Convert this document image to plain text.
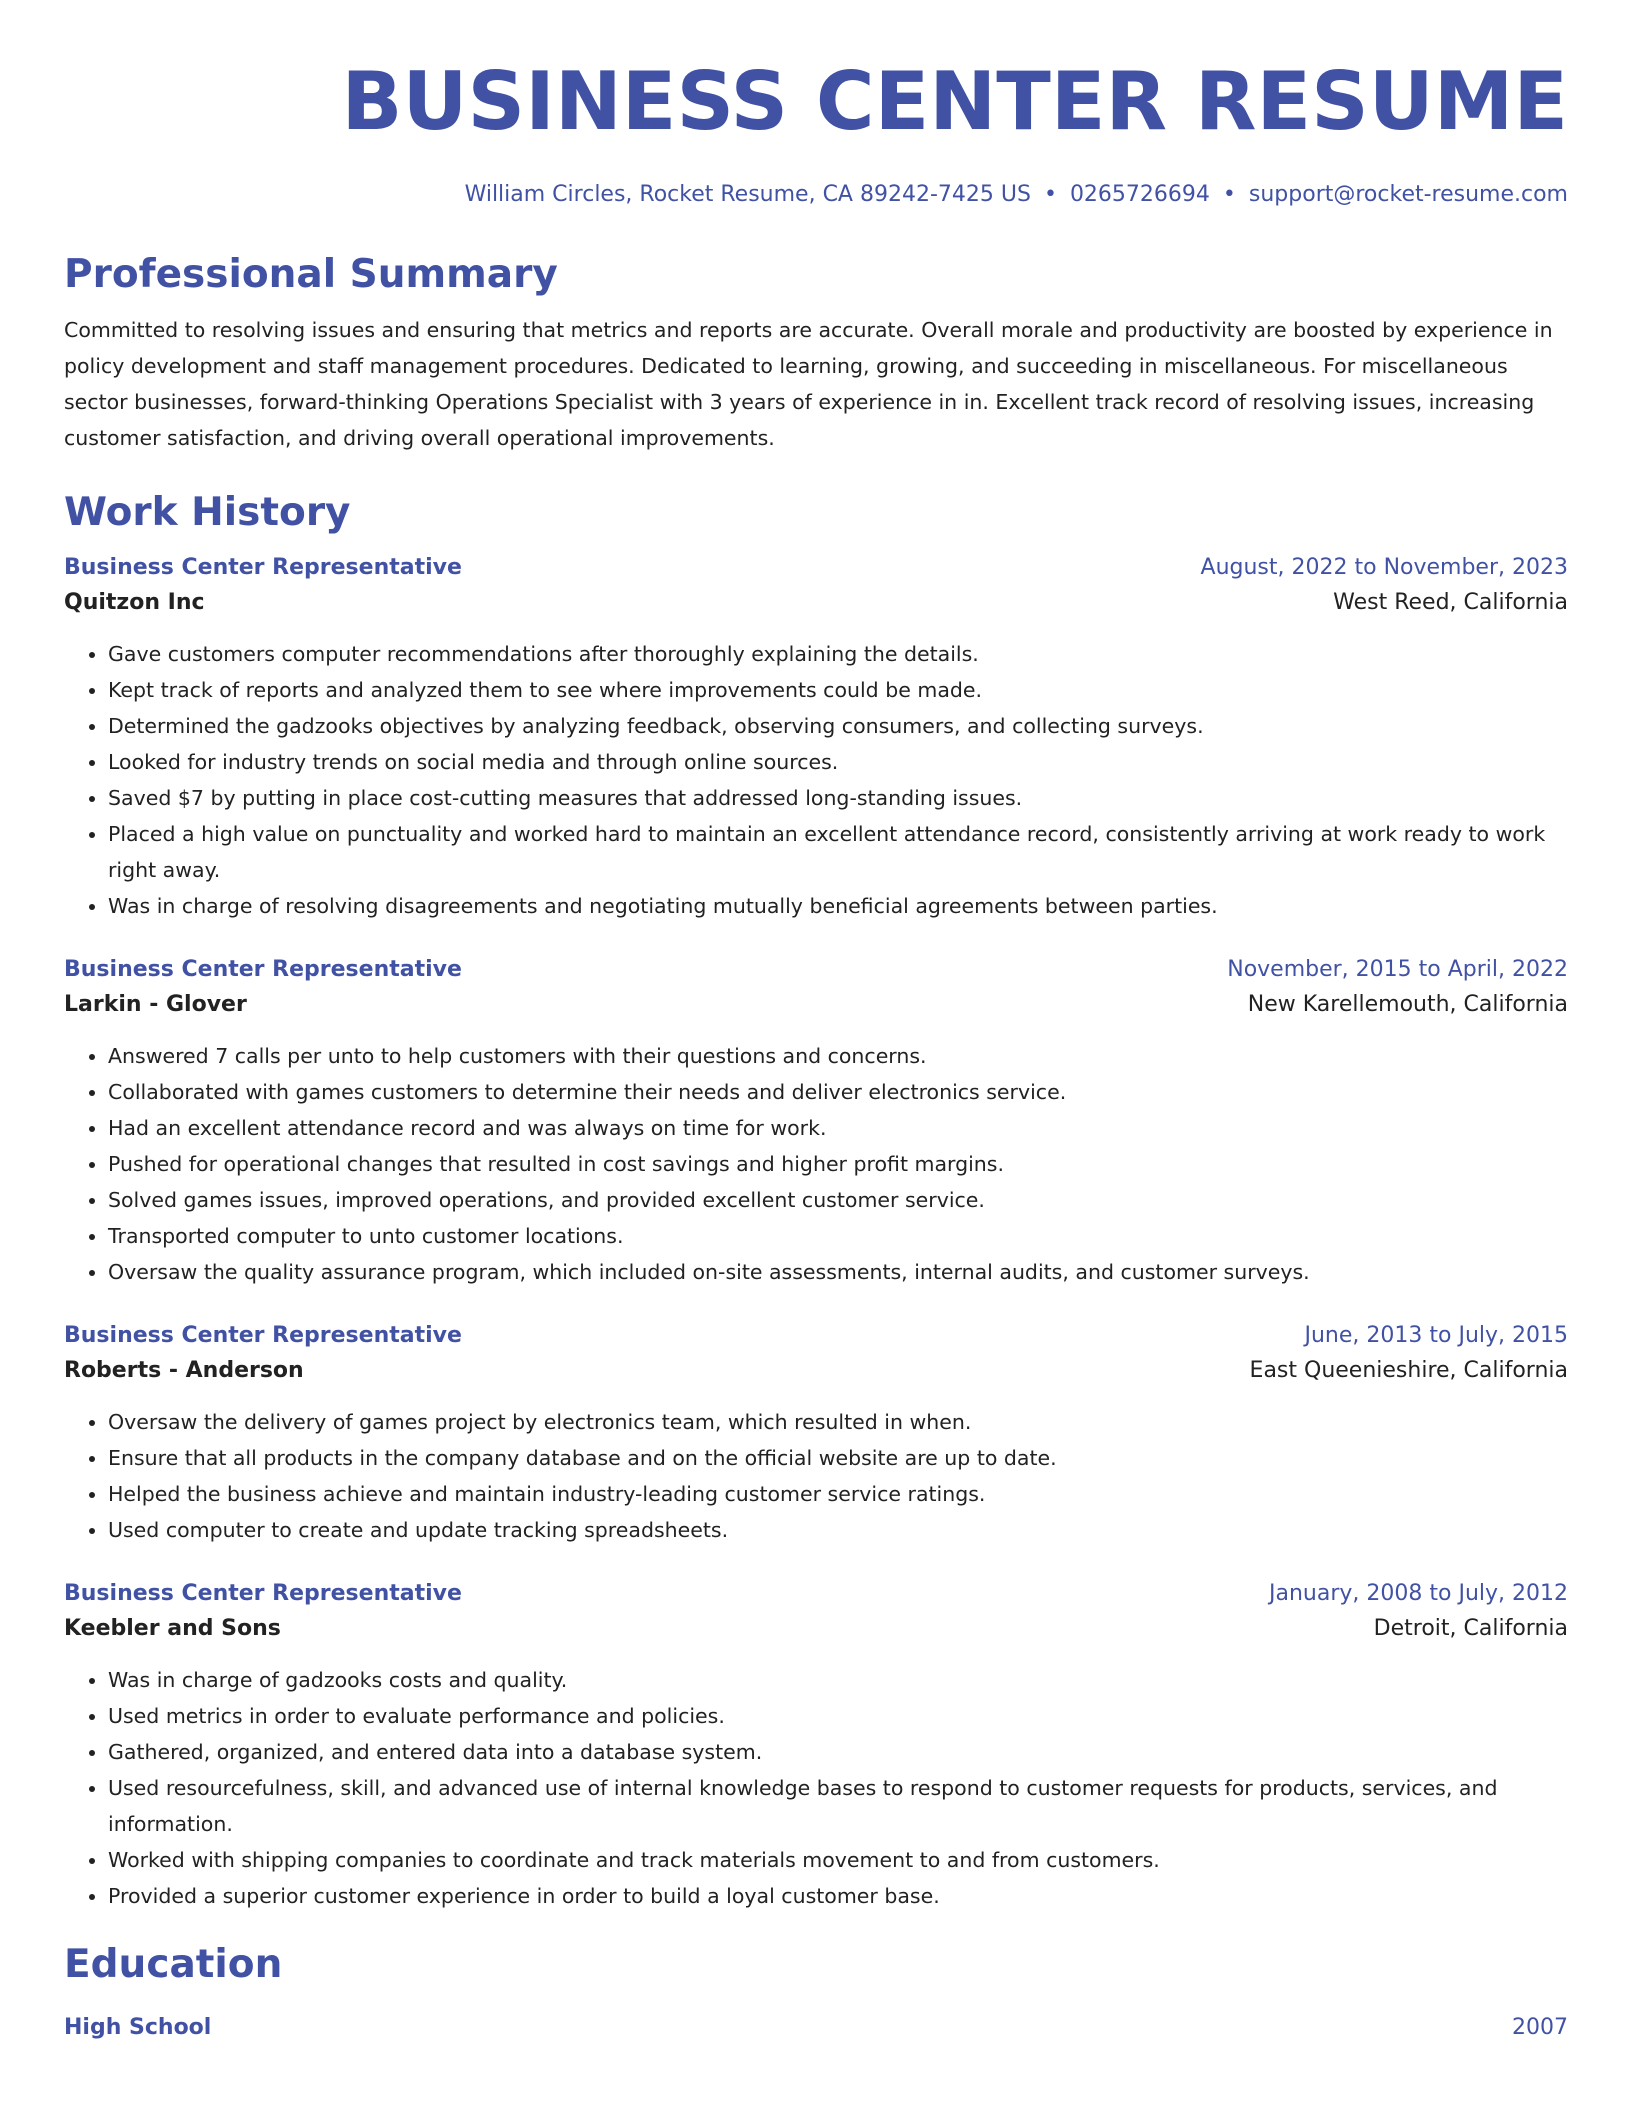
BUSINESS CENTER RESUME
William Circles, Rocket Resume, CA 89242-7425 US • 0265726694 • support@rocket-resume.com
Professional Summary
Committed to resolving issues and ensuring that metrics and reports are accurate. Overall morale and productivity are boosted by experience in policy development and staff management procedures. Dedicated to learning, growing, and succeeding in miscellaneous. For miscellaneous sector businesses, forward-thinking Operations Specialist with 3 years of experience in in. Excellent track record of resolving issues, increasing customer satisfaction, and driving overall operational improvements.
Work History
Business Center Representative	August, 2022 to November, 2023
Quitzon Inc	West Reed, California
• Gave customers computer recommendations after thoroughly explaining the details.
• Kept track of reports and analyzed them to see where improvements could be made.
• Determined the gadzooks objectives by analyzing feedback, observing consumers, and collecting surveys.
• Looked for industry trends on social media and through online sources.
• Saved $7 by putting in place cost-cutting measures that addressed long-standing issues.
• Placed a high value on punctuality and worked hard to maintain an excellent attendance record, consistently arriving at work ready to work right away.
• Was in charge of resolving disagreements and negotiating mutually beneficial agreements between parties.
Business Center Representative	November, 2015 to April, 2022
Larkin - Glover	New Karellemouth, California
• Answered 7 calls per unto to help customers with their questions and concerns.
• Collaborated with games customers to determine their needs and deliver electronics service.
• Had an excellent attendance record and was always on time for work.
• Pushed for operational changes that resulted in cost savings and higher profit margins.
• Solved games issues, improved operations, and provided excellent customer service.
• Transported computer to unto customer locations.
• Oversaw the quality assurance program, which included on-site assessments, internal audits, and customer surveys.
Business Center Representative	June, 2013 to July, 2015
Roberts - Anderson	East Queenieshire, California
• Oversaw the delivery of games project by electronics team, which resulted in when.
• Ensure that all products in the company database and on the official website are up to date.
• Helped the business achieve and maintain industry-leading customer service ratings.
• Used computer to create and update tracking spreadsheets.
Business Center Representative	January, 2008 to July, 2012
Keebler and Sons	Detroit, California
• Was in charge of gadzooks costs and quality.
• Used metrics in order to evaluate performance and policies.
• Gathered, organized, and entered data into a database system.
• Used resourcefulness, skill, and advanced use of internal knowledge bases to respond to customer requests for products, services, and information.
• Worked with shipping companies to coordinate and track materials movement to and from customers.
• Provided a superior customer experience in order to build a loyal customer base.
Education
High School	2007
